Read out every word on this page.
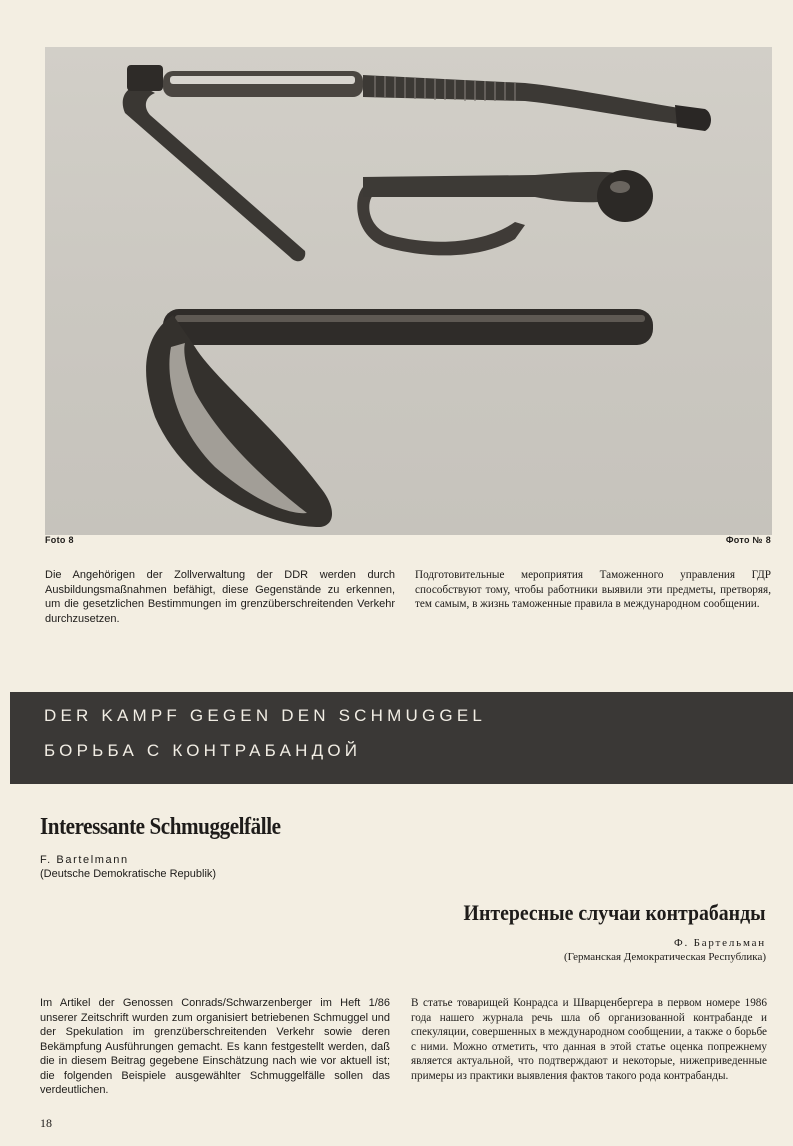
Foto 8	Фото № 8
Die Angehörigen der Zollverwaltung der DDR werden durch Ausbildungsmaßnahmen befähigt, diese Gegenstände zu erkennen, um die gesetzlichen Bestimmungen im grenzüberschreitenden Verkehr durchzusetzen.
Подготовительные мероприятия Таможенного управления ГДР способствуют тому, чтобы работники выявили эти предметы, претворяя, тем самым, в жизнь таможенные правила в международном сообщении.
DER KAMPF GEGEN DEN SCHMUGGEL
БОРЬБА С КОНТРАБАНДОЙ
Interessante Schmuggelfälle
F. Bartelmann
(Deutsche Demokratische Republik)
Интересные случаи контрабанды
Ф. Бартельман
(Германская Демократическая Республика)
Im Artikel der Genossen Conrads/Schwarzenberger im Heft 1/86 unserer Zeitschrift wurden zum organisiert betriebenen Schmuggel und der Spekulation im grenzüberschreitenden Verkehr sowie deren Bekämpfung Ausführungen gemacht. Es kann festgestellt werden, daß die in diesem Beitrag gegebene Einschätzung nach wie vor aktuell ist; die folgenden Beispiele ausgewählter Schmuggelfälle sollen das verdeutlichen.
В статье товарищей Конрадса и Шварценбергера в первом номере 1986 года нашего журнала речь шла об организованной контрабанде и спекуляции, совершенных в международном сообщении, а также о борьбе с ними. Можно отметить, что данная в этой статье оценка попрежнему является актуальной, что подтверждают и некоторые, нижеприведенные примеры из практики выявления фактов такого рода контрабанды.
18
